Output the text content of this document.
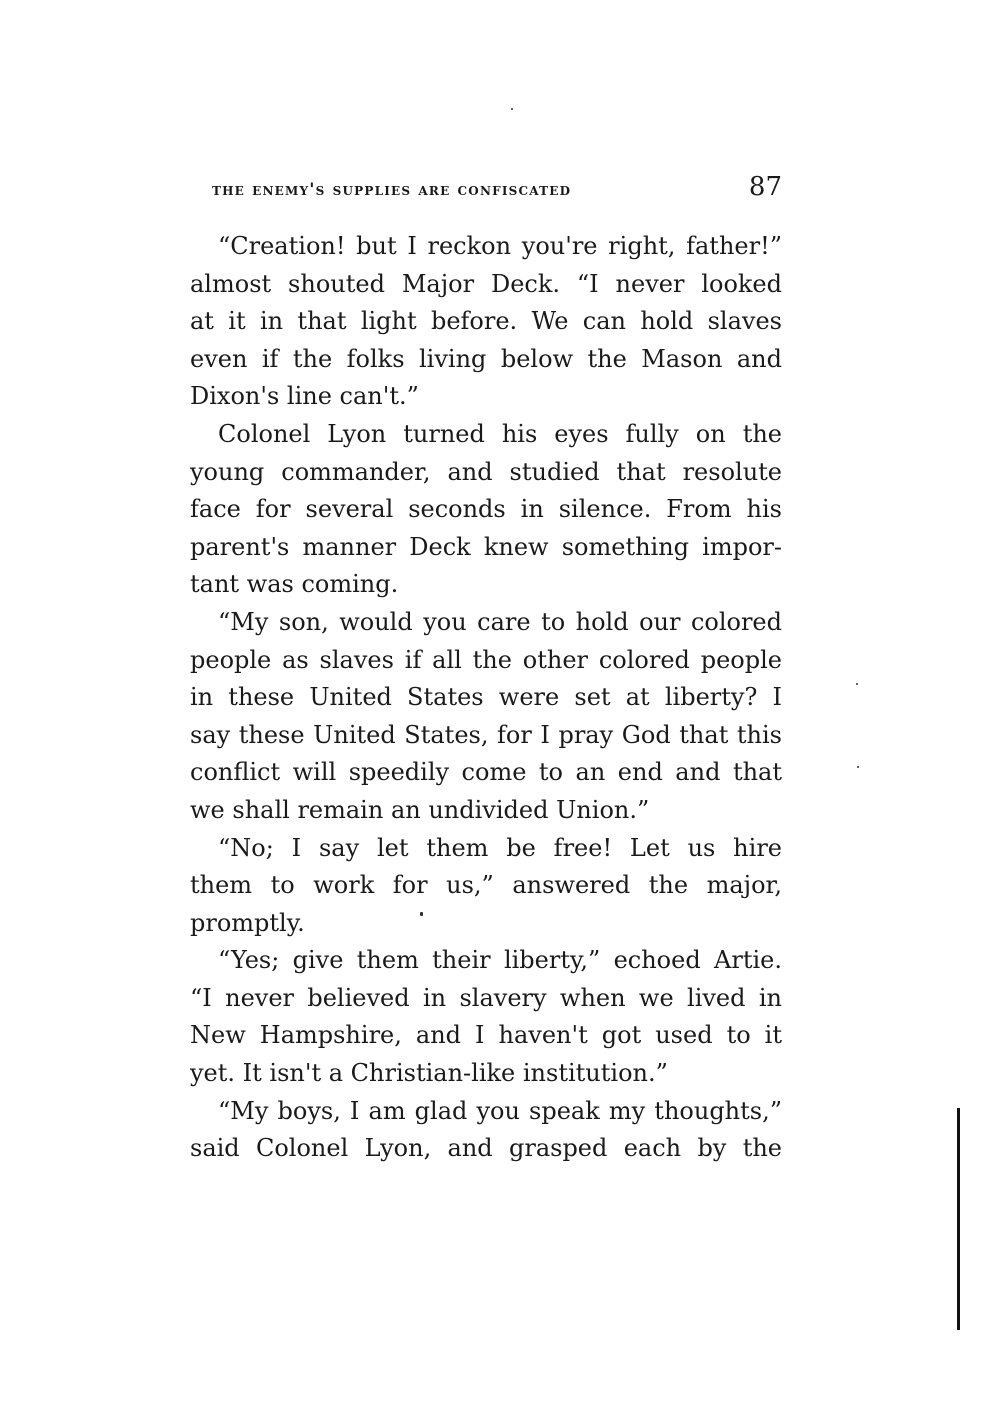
the enemy's supplies are confiscated	87

“Creation! but I reckon you're right, father!”
almost shouted Major Deck. “I never looked
at it in that light before. We can hold slaves
even if the folks living below the Mason and
Dixon's line can't.”

Colonel Lyon turned his eyes fully on the
young commander, and studied that resolute
face for several seconds in silence. From his
parent's manner Deck knew something impor-
tant was coming.

“My son, would you care to hold our colored
people as slaves if all the other colored people
in these United States were set at liberty? I
say these United States, for I pray God that this
conflict will speedily come to an end and that
we shall remain an undivided Union.”

“No; I say let them be free! Let us hire
them to work for us,” answered the major,
promptly.

“Yes; give them their liberty,” echoed Artie.
“I never believed in slavery when we lived in
New Hampshire, and I haven't got used to it
yet. It isn't a Christian-like institution.”

“My boys, I am glad you speak my thoughts,”
said Colonel Lyon, and grasped each by the
